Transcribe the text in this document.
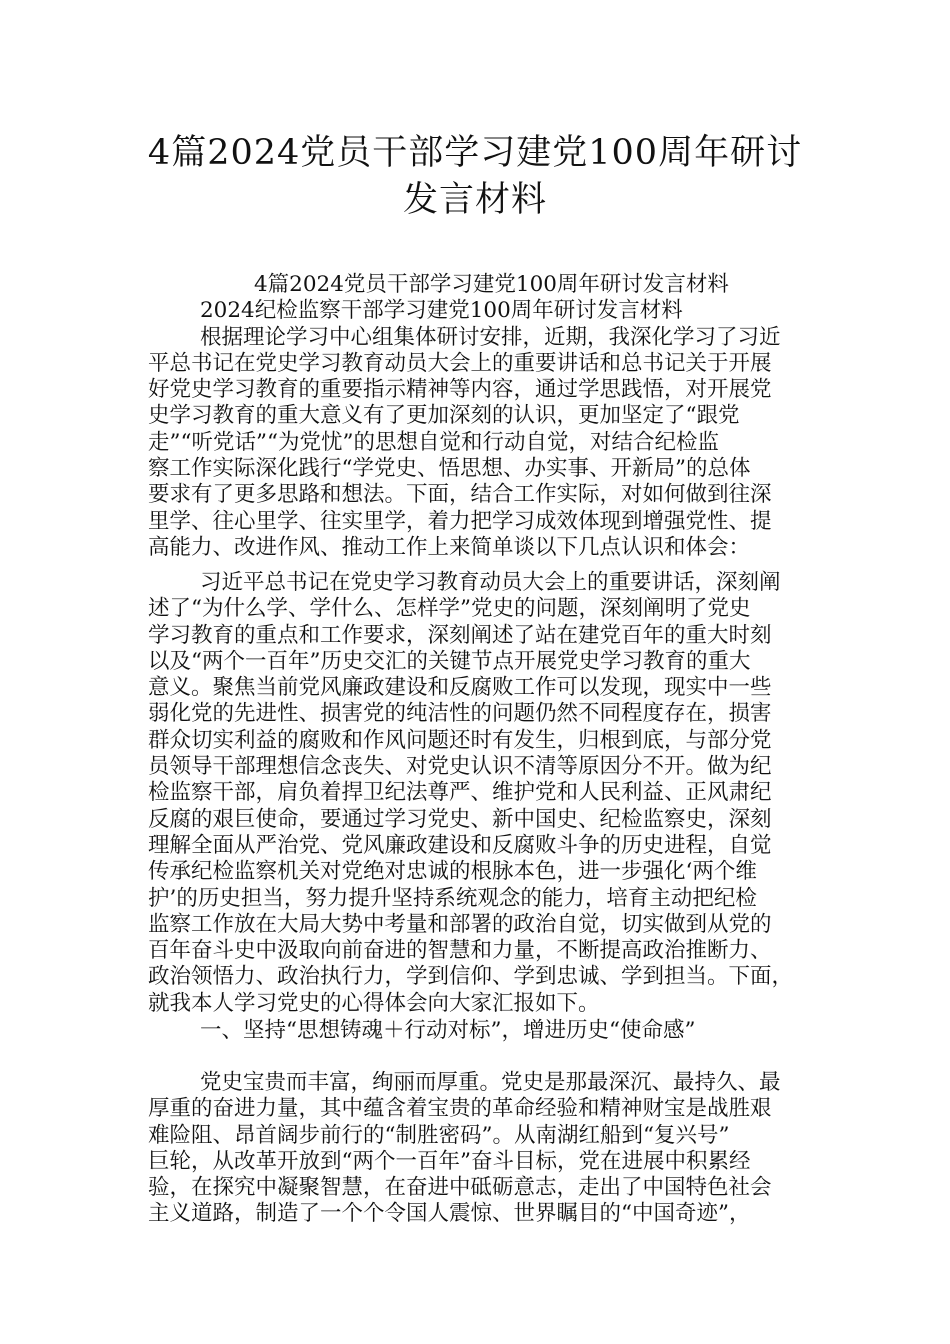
4篇2024党员干部学习建党100周年研讨
发言材料
4篇2024党员干部学习建党100周年研讨发言材料
2024纪检监察干部学习建党100周年研讨发言材料
根据理论学习中心组集体研讨安排，近期，我深化学习了习近
平总书记在党史学习教育动员大会上的重要讲话和总书记关于开展
好党史学习教育的重要指示精神等内容，通过学思践悟，对开展党
史学习教育的重大意义有了更加深刻的认识，更加坚定了“跟党
走”“听党话”“为党忧”的思想自觉和行动自觉，对结合纪检监
察工作实际深化践行“学党史、悟思想、办实事、开新局”的总体
要求有了更多思路和想法。下面，结合工作实际，对如何做到往深
里学、往心里学、往实里学，着力把学习成效体现到增强党性、提
高能力、改进作风、推动工作上来简单谈以下几点认识和体会：
习近平总书记在党史学习教育动员大会上的重要讲话，深刻阐
述了“为什么学、学什么、怎样学”党史的问题，深刻阐明了党史
学习教育的重点和工作要求，深刻阐述了站在建党百年的重大时刻
以及“两个一百年”历史交汇的关键节点开展党史学习教育的重大
意义。聚焦当前党风廉政建设和反腐败工作可以发现，现实中一些
弱化党的先进性、损害党的纯洁性的问题仍然不同程度存在，损害
群众切实利益的腐败和作风问题还时有发生，归根到底，与部分党
员领导干部理想信念丧失、对党史认识不清等原因分不开。做为纪
检监察干部，肩负着捍卫纪法尊严、维护党和人民利益、正风肃纪
反腐的艰巨使命，要通过学习党史、新中国史、纪检监察史，深刻
理解全面从严治党、党风廉政建设和反腐败斗争的历史进程，自觉
传承纪检监察机关对党绝对忠诚的根脉本色，进一步强化‘两个维
护’的历史担当，努力提升坚持系统观念的能力，培育主动把纪检
监察工作放在大局大势中考量和部署的政治自觉，切实做到从党的
百年奋斗史中汲取向前奋进的智慧和力量，不断提高政治推断力、
政治领悟力、政治执行力，学到信仰、学到忠诚、学到担当。下面，
就我本人学习党史的心得体会向大家汇报如下。
一、坚持“思想铸魂＋行动对标”，增进历史“使命感”
党史宝贵而丰富，绚丽而厚重。党史是那最深沉、最持久、最
厚重的奋进力量，其中蕴含着宝贵的革命经验和精神财宝是战胜艰
难险阻、昂首阔步前行的“制胜密码”。从南湖红船到“复兴号”
巨轮，从改革开放到“两个一百年”奋斗目标，党在进展中积累经
验，在探究中凝聚智慧，在奋进中砥砺意志，走出了中国特色社会
主义道路，制造了一个个令国人震惊、世界瞩目的“中国奇迹”，
